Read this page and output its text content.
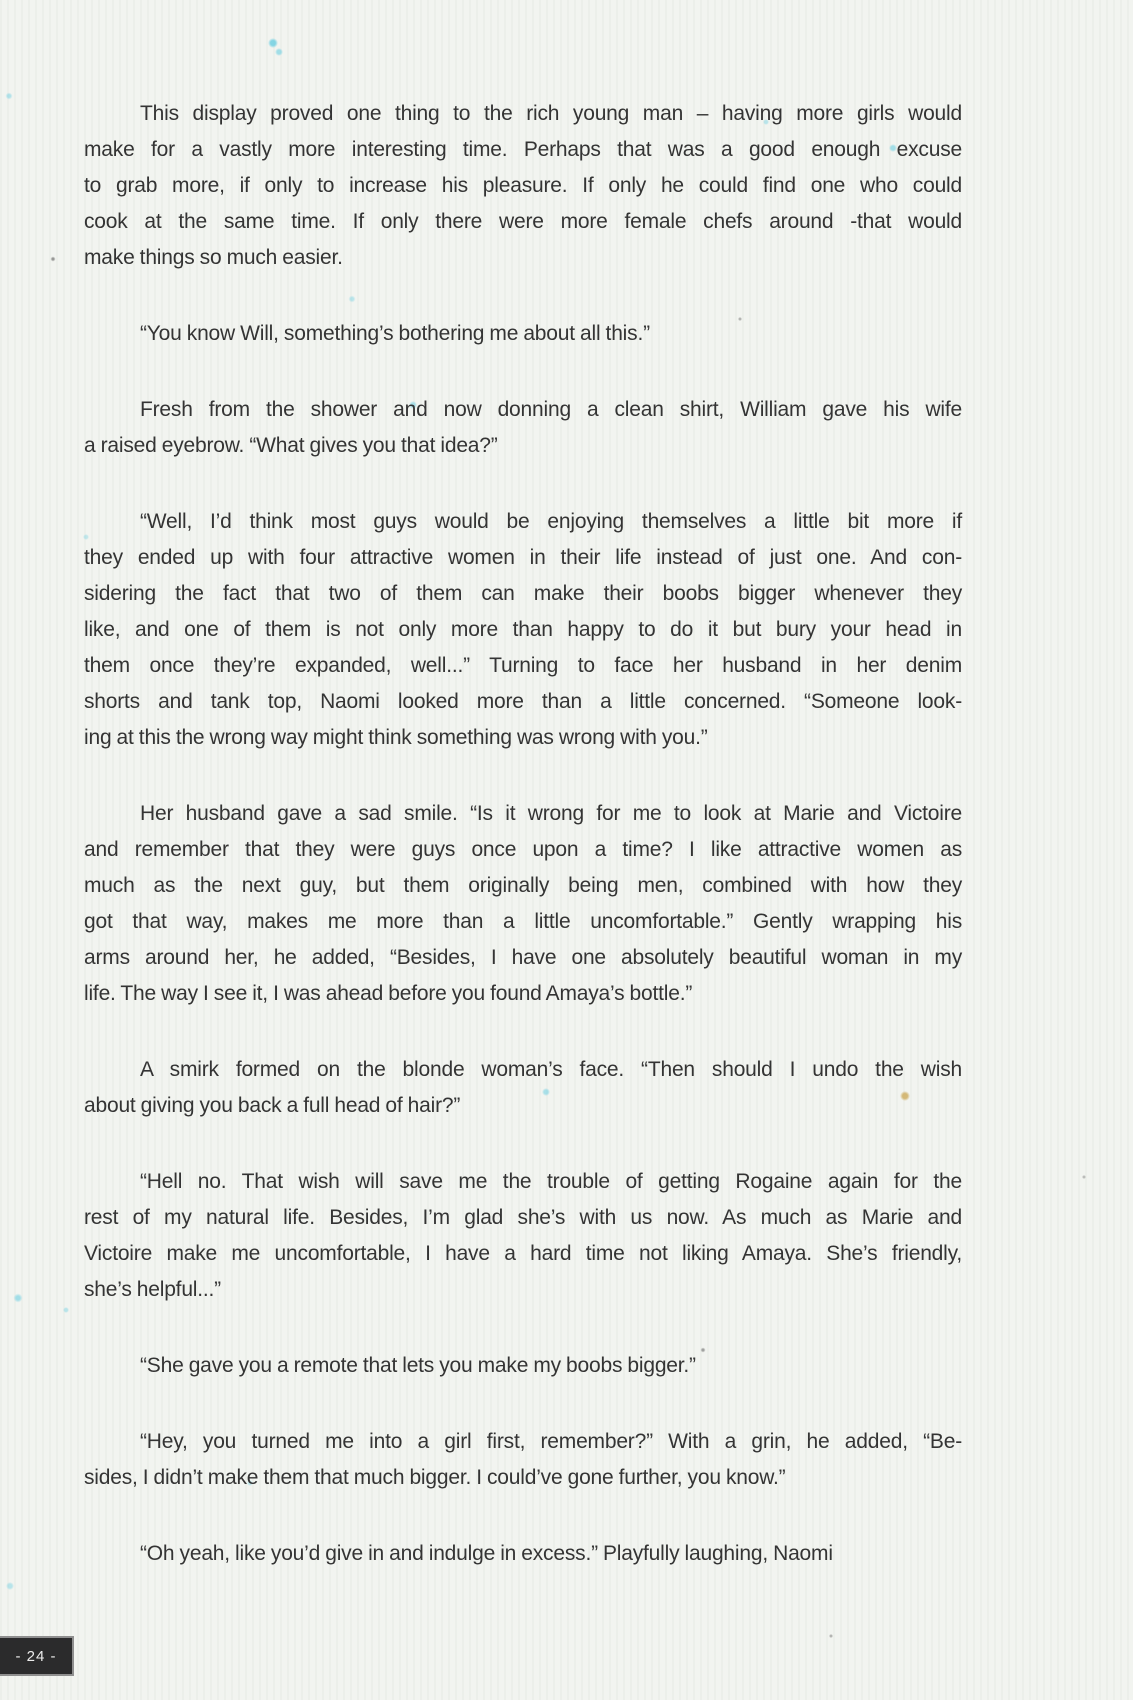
This display proved one thing to the rich young man – having more girls would
make for a vastly more interesting time. Perhaps that was a good enough excuse
to grab more, if only to increase his pleasure. If only he could find one who could
cook at the same time. If only there were more female chefs around -that would
make things so much easier.
“You know Will, something’s bothering me about all this.”
Fresh from the shower and now donning a clean shirt, William gave his wife
a raised eyebrow. “What gives you that idea?”
“Well, I’d think most guys would be enjoying themselves a little bit more if
they ended up with four attractive women in their life instead of just one. And con-
sidering the fact that two of them can make their boobs bigger whenever they
like, and one of them is not only more than happy to do it but bury your head in
them once they’re expanded, well...” Turning to face her husband in her denim
shorts and tank top, Naomi looked more than a little concerned. “Someone look-
ing at this the wrong way might think something was wrong with you.”
Her husband gave a sad smile. “Is it wrong for me to look at Marie and Victoire
and remember that they were guys once upon a time? I like attractive women as
much as the next guy, but them originally being men, combined with how they
got that way, makes me more than a little uncomfortable.” Gently wrapping his
arms around her, he added, “Besides, I have one absolutely beautiful woman in my
life. The way I see it, I was ahead before you found Amaya’s bottle.”
A smirk formed on the blonde woman’s face. “Then should I undo the wish
about giving you back a full head of hair?”
“Hell no. That wish will save me the trouble of getting Rogaine again for the
rest of my natural life. Besides, I’m glad she’s with us now. As much as Marie and
Victoire make me uncomfortable, I have a hard time not liking Amaya. She’s friendly,
she’s helpful...”
“She gave you a remote that lets you make my boobs bigger.”
“Hey, you turned me into a girl first, remember?” With a grin, he added, “Be-
sides, I didn’t make them that much bigger. I could’ve gone further, you know.”
“Oh yeah, like you’d give in and indulge in excess.” Playfully laughing, Naomi
- 24 -
